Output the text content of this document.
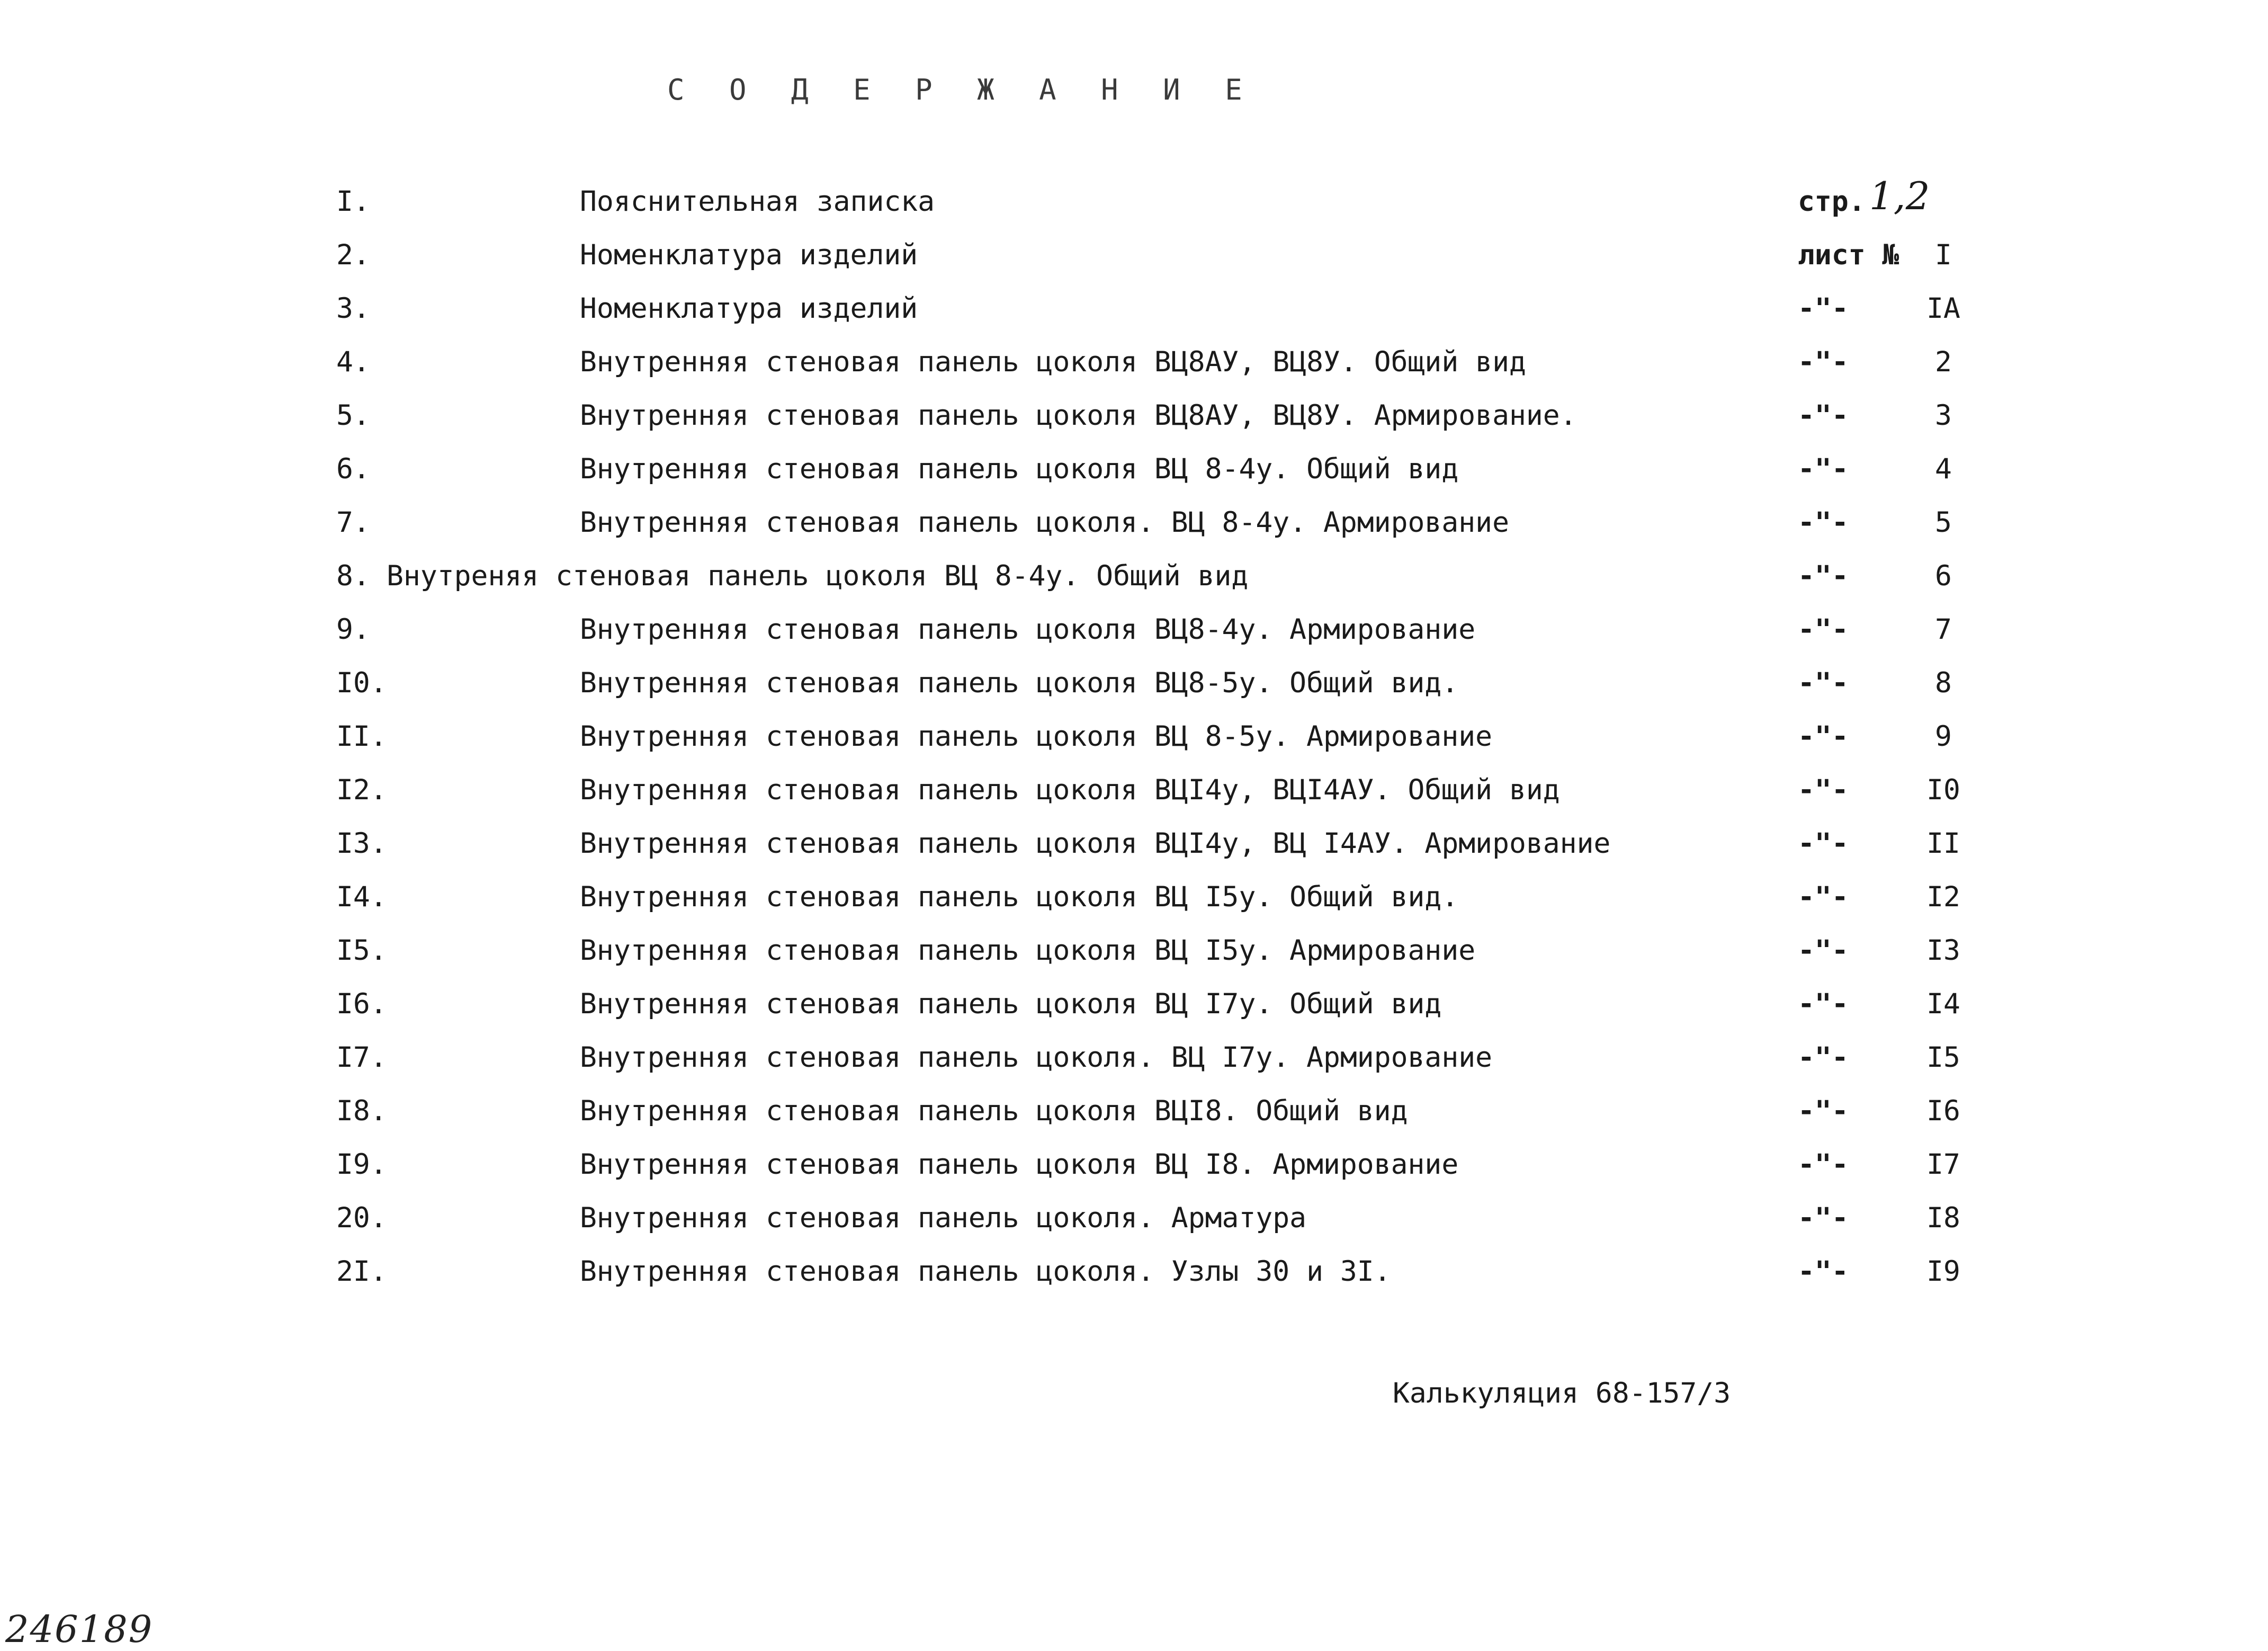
С О Д Е Р Ж А Н И Е
I.	Пояснительная записка	стр. 1,2
2.	Номенклатура изделий	лист №	I
3.	Номенклатура изделий	-"-	IA
4.	Внутренняя стеновая панель цоколя ВЦ8АУ, ВЦ8У. Общий вид	-"-	2
5.	Внутренняя стеновая панель цоколя ВЦ8АУ, ВЦ8У. Армирование.	-"-	3
6.	Внутренняя стеновая панель цоколя ВЦ 8-4у. Общий вид	-"-	4
7.	Внутренняя стеновая панель цоколя. ВЦ 8-4у. Армирование	-"-	5
8. Внутреняя стеновая панель цоколя ВЦ 8-4у. Общий вид	-"-	6
9.	Внутренняя стеновая панель цоколя ВЦ8-4у. Армирование	-"-	7
I0.	Внутренняя стеновая панель цоколя ВЦ8-5у. Общий вид.	-"-	8
II.	Внутренняя стеновая панель цоколя ВЦ 8-5у. Армирование	-"-	9
I2.	Внутренняя стеновая панель цоколя ВЦI4у, ВЦI4АУ. Общий вид	-"-	I0
I3.	Внутренняя стеновая панель цоколя ВЦI4у, ВЦ I4АУ. Армирование	-"-	II
I4.	Внутренняя стеновая панель цоколя ВЦ I5у. Общий вид.	-"-	I2
I5.	Внутренняя стеновая панель цоколя ВЦ I5у. Армирование	-"-	I3
I6.	Внутренняя стеновая панель цоколя ВЦ I7у. Общий вид	-"-	I4
I7.	Внутренняя стеновая панель цоколя. ВЦ I7у. Армирование	-"-	I5
I8.	Внутренняя стеновая панель цоколя ВЦI8. Общий вид	-"-	I6
I9.	Внутренняя стеновая панель цоколя ВЦ I8. Армирование	-"-	I7
20.	Внутренняя стеновая панель цоколя. Арматура	-"-	I8
2I.	Внутренняя стеновая панель цоколя. Узлы 30 и 3I.	-"-	I9
Калькуляция 68-157/3
246189
